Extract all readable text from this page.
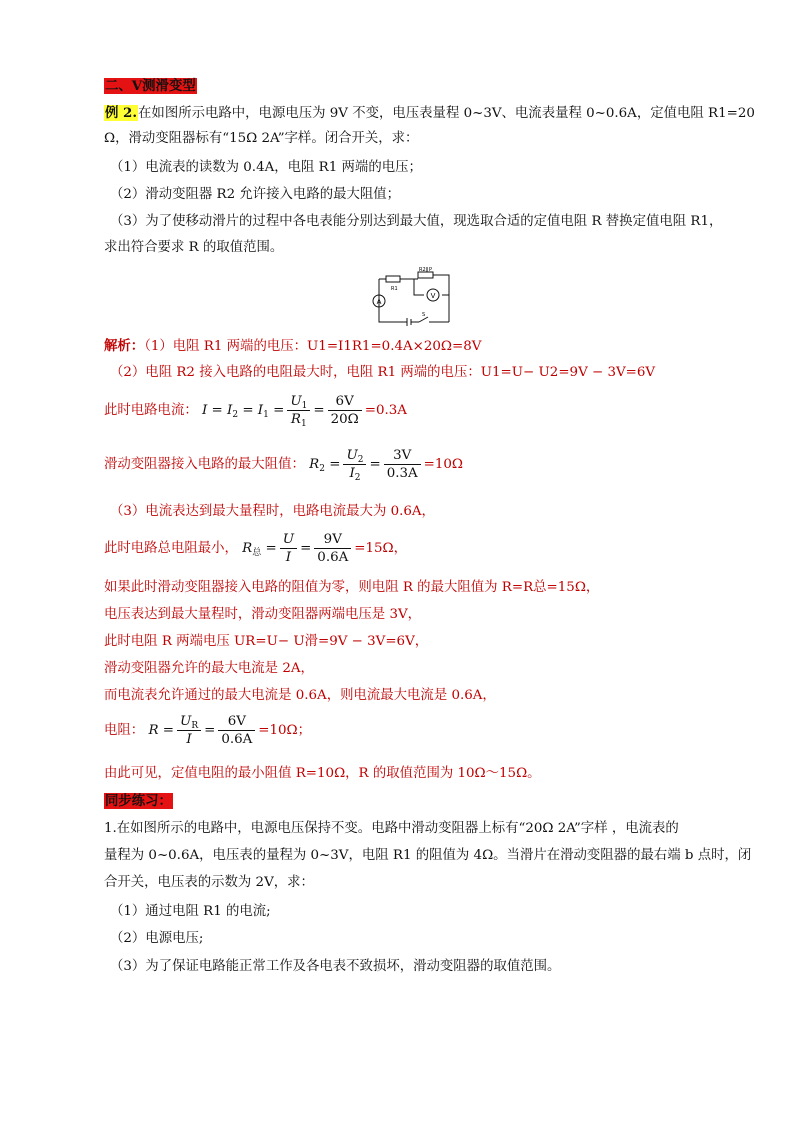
二、V测滑变型
例 2.在如图所示电路中，电源电压为 9V 不变，电压表量程 0~3V、电流表量程 0~0.6A，定值电阻 R1=20
Ω，滑动变阻器标有“15Ω 2A”字样。闭合开关，求：
（1）电流表的读数为 0.4A，电阻 R1 两端的电压；
（2）滑动变阻器 R2 允许接入电路的最大阻值；
（3）为了使移动滑片的过程中各电表能分别达到最大值，现选取合适的定值电阻 R 替换定值电阻 R1，
求出符合要求 R 的取值范围。
V
A
R1
R2 P
S
解析：（1）电阻 R1 两端的电压：U1=I1R1=0.4A×20Ω=8V
（2）电阻 R2 接入电路的电阻最大时，电阻 R1 两端的电压：U1=U− U2=9V − 3V=6V
此时电路电流： $I = I_2 = I_1 = \frac{U_1}{R_1} = \frac{6V}{20\Omega} =0.3A$
滑动变阻器接入电路的最大阻值： $R_2 = \frac{U_2}{I_2} = \frac{3V}{0.3A} =10\Omega$
（3）电流表达到最大量程时，电路电流最大为 0.6A，
此时电路总电阻最小， $R_总 = \frac{U}{I} = \frac{9V}{0.6A} =15\Omega$，
如果此时滑动变阻器接入电路的阻值为零，则电阻 R 的最大阻值为 R=R总=15Ω，
电压表达到最大量程时，滑动变阻器两端电压是 3V，
此时电阻 R 两端电压 UR=U− U滑=9V − 3V=6V，
滑动变阻器允许的最大电流是 2A，
而电流表允许通过的最大电流是 0.6A，则电流最大电流是 0.6A，
电阻： $R = \frac{U_R}{I} = \frac{6V}{0.6A} =10\Omega$；
由此可见，定值电阻的最小阻值 R=10Ω，R 的取值范围为 10Ω～15Ω。
同步练习：
1.在如图所示的电路中，电源电压保持不变。电路中滑动变阻器上标有“20Ω 2A”字样 ，电流表的
量程为 0~0.6A，电压表的量程为 0~3V，电阻 R1 的阻值为 4Ω。当滑片在滑动变阻器的最右端 b 点时，闭
合开关，电压表的示数为 2V，求：
（1）通过电阻 R1 的电流;
（2）电源电压;
（3）为了保证电路能正常工作及各电表不致损坏，滑动变阻器的取值范围。
